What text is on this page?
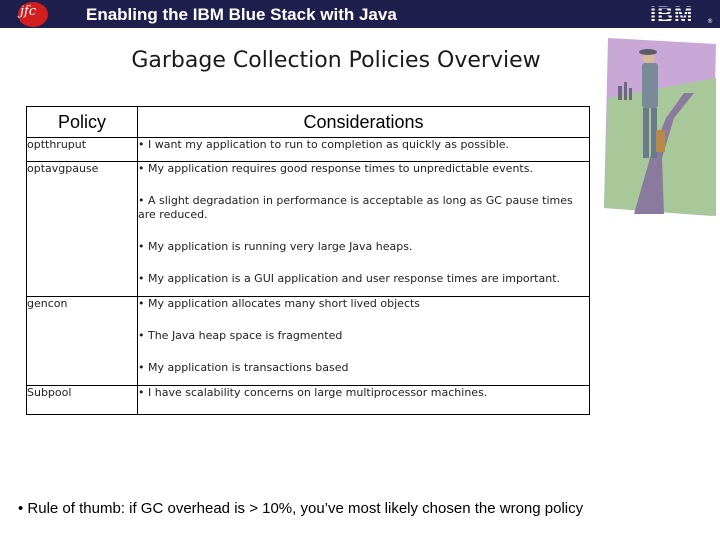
jfc	Enabling the IBM Blue Stack with Java	IBM ®
Garbage Collection Policies Overview
Policy	Considerations
optthruput	• I want my application to run to completion as quickly as possible.

optavgpause	• My application requires good response times to unpredictable events.
• A slight degradation in performance is acceptable as long as GC pause times are reduced.
• My application is running very large Java heaps.
• My application is a GUI application and user response times are important.

gencon	• My application allocates many short lived objects
• The Java heap space is fragmented
• My application is transactions based

Subpool	• I have scalability concerns on large multiprocessor machines.
• Rule of thumb: if GC overhead is > 10%, you’ve most likely chosen the wrong policy
